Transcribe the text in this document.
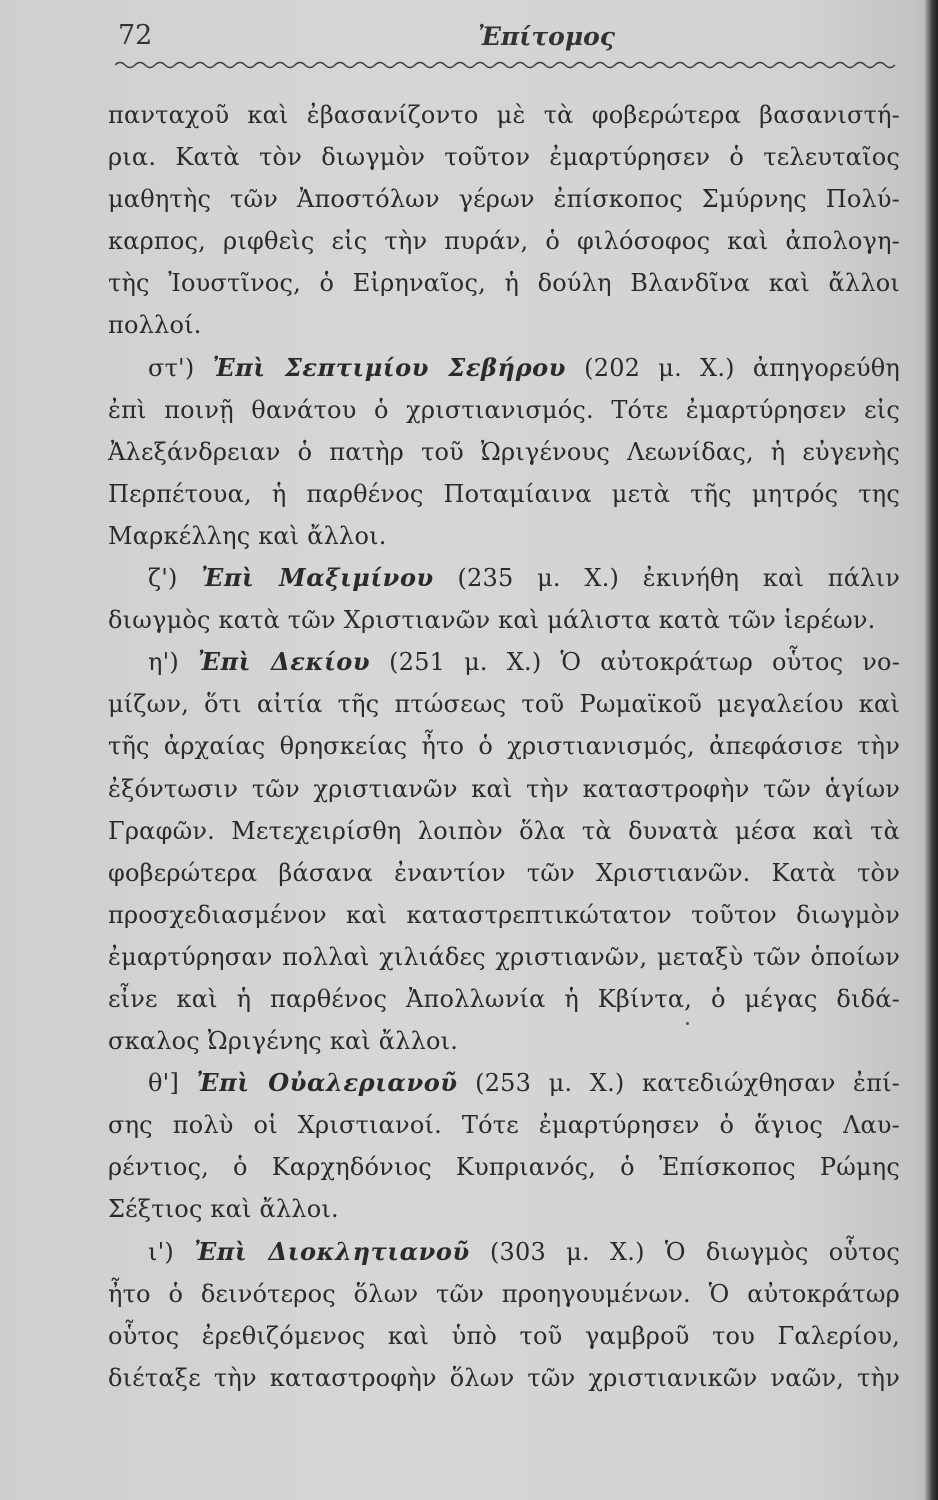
72	Ἐπίτομος
πανταχοῦ καὶ ἐβασανίζοντο μὲ τὰ φοβερώτερα βασανιστή-
ρια. Κατὰ τὸν διωγμὸν τοῦτον ἐμαρτύρησεν ὁ τελευταῖος
μαθητὴς τῶν Ἀποστόλων γέρων ἐπίσκοπος Σμύρνης Πολύ-
καρπος, ριφθεὶς εἰς τὴν πυράν, ὁ φιλόσοφος καὶ ἀπολογη-
τὴς Ἰουστῖνος, ὁ Εἰρηναῖος, ἡ δούλη Βλανδῖνα καὶ ἄλλοι
πολλοί.
στ') Ἐπὶ Σεπτιμίου Σεβήρου (202 μ. Χ.) ἀπηγορεύθη
ἐπὶ ποινῇ θανάτου ὁ χριστιανισμός. Τότε ἐμαρτύρησεν εἰς
Ἀλεξάνδρειαν ὁ πατὴρ τοῦ Ὠριγένους Λεωνίδας, ἡ εὐγενὴς
Περπέτουα, ἡ παρθένος Ποταμίαινα μετὰ τῆς μητρός της
Μαρκέλλης καὶ ἄλλοι.
ζ') Ἐπὶ Μαξιμίνου (235 μ. Χ.) ἐκινήθη καὶ πάλιν
διωγμὸς κατὰ τῶν Χριστιανῶν καὶ μάλιστα κατὰ τῶν ἱερέων.
η') Ἐπὶ Δεκίου (251 μ. Χ.) Ὁ αὐτοκράτωρ οὗτος νο-
μίζων, ὅτι αἰτία τῆς πτώσεως τοῦ Ρωμαϊκοῦ μεγαλείου καὶ
τῆς ἀρχαίας θρησκείας ἦτο ὁ χριστιανισμός, ἀπεφάσισε τὴν
ἐξόντωσιν τῶν χριστιανῶν καὶ τὴν καταστροφὴν τῶν ἁγίων
Γραφῶν. Μετεχειρίσθη λοιπὸν ὅλα τὰ δυνατὰ μέσα καὶ τὰ
φοβερώτερα βάσανα ἐναντίον τῶν Χριστιανῶν. Κατὰ τὸν
προσχεδιασμένον καὶ καταστρεπτικώτατον τοῦτον διωγμὸν
ἐμαρτύρησαν πολλαὶ χιλιάδες χριστιανῶν, μεταξὺ τῶν ὁποίων
εἶνε καὶ ἡ παρθένος Ἀπολλωνία ἡ Κβίντα, ὁ μέγας διδά-
σκαλος Ὠριγένης καὶ ἄλλοι.
θ'] Ἐπὶ Οὐαλεριανοῦ (253 μ. Χ.) κατεδιώχθησαν ἐπί-
σης πολὺ οἱ Χριστιανοί. Τότε ἐμαρτύρησεν ὁ ἅγιος Λαυ-
ρέντιος, ὁ Καρχηδόνιος Κυπριανός, ὁ Ἐπίσκοπος Ρώμης
Σέξτιος καὶ ἄλλοι.
ι') Ἐπὶ Διοκλητιανοῦ (303 μ. Χ.) Ὁ διωγμὸς οὗτος
ἦτο ὁ δεινότερος ὅλων τῶν προηγουμένων. Ὁ αὐτοκράτωρ
οὗτος ἐρεθιζόμενος καὶ ὑπὸ τοῦ γαμβροῦ του Γαλερίου,
διέταξε τὴν καταστροφὴν ὅλων τῶν χριστιανικῶν ναῶν, τὴν
